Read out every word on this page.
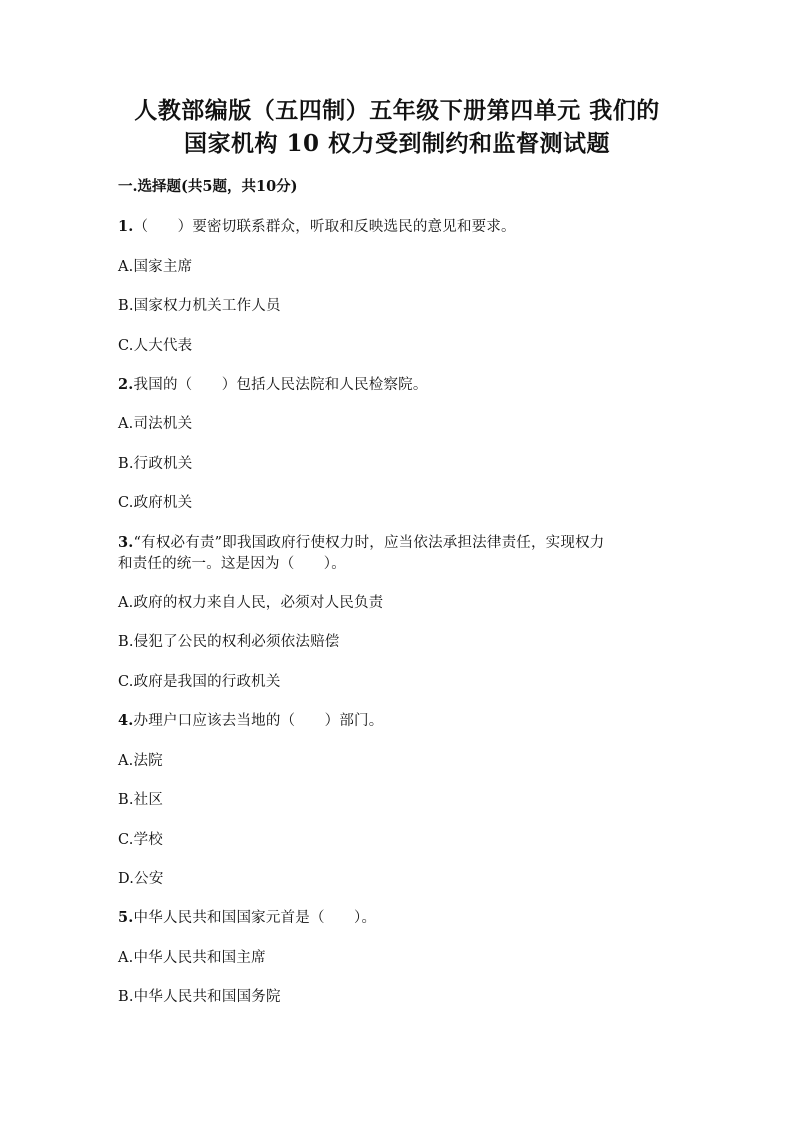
人教部编版（五四制）五年级下册第四单元 我们的
国家机构 10 权力受到制约和监督测试题
一.选择题(共5题，共10分)
1.（　　）要密切联系群众，听取和反映选民的意见和要求。
A.国家主席
B.国家权力机关工作人员
C.人大代表
2.我国的（　　）包括人民法院和人民检察院。
A.司法机关
B.行政机关
C.政府机关
3.“有权必有责”即我国政府行使权力时，应当依法承担法律责任，实现权力
和责任的统一。这是因为（　　）。
A.政府的权力来自人民，必须对人民负责
B.侵犯了公民的权利必须依法赔偿
C.政府是我国的行政机关
4.办理户口应该去当地的（　　）部门。
A.法院
B.社区
C.学校
D.公安
5.中华人民共和国国家元首是（　　）。
A.中华人民共和国主席
B.中华人民共和国国务院
